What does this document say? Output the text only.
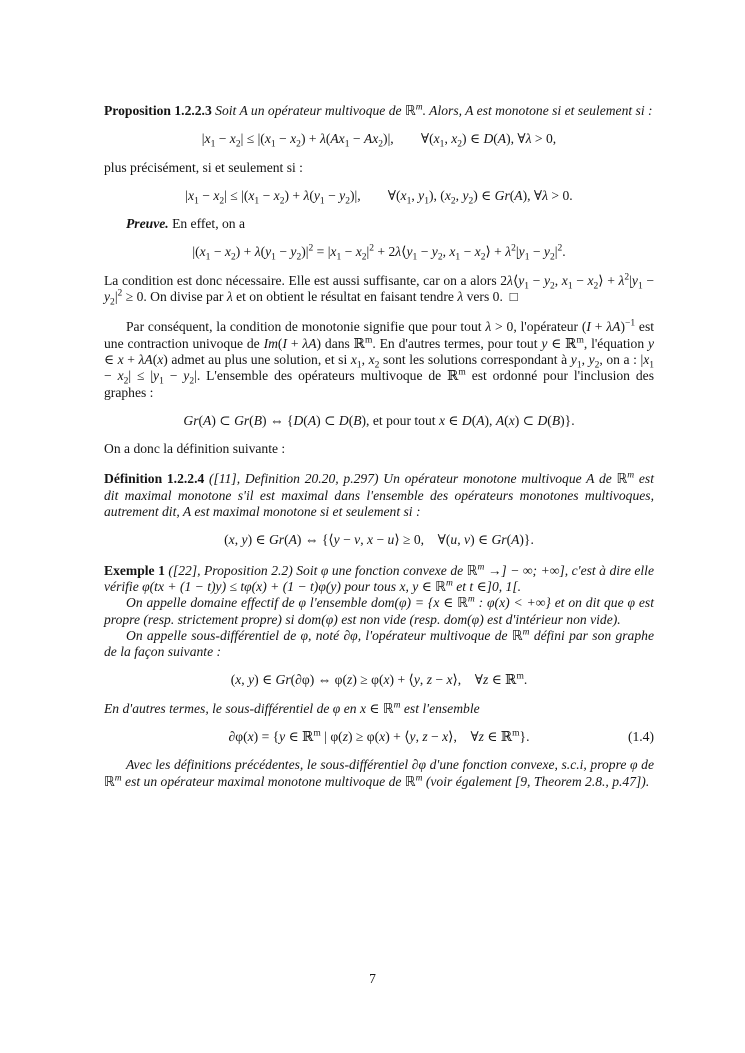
Proposition 1.2.2.3 Soit A un opérateur multivoque de ℝ$^m$. Alors, A est monotone si et seulement si :

$|x_1 - x_2| \le |(x_1 - x_2) + \lambda(Ax_1 - Ax_2)|$,  $\forall(x_1$, $x_2$) ∈ D(A), ∀λ > 0,

plus précisément, si et seulement si :

$|x_1 - x_2| \le |(x_1 - x_2) + \lambda(y_1 - y_2)|$,  $\forall(x_1$, $y_1$), ($x_2$, $y_2$) ∈ Gr(A), ∀λ > 0.

Preuve. En effet, on a

$|(x_1 - x_2) + \lambda(y_1 - y_2)|^2 = |x_1 - x_2|^2$ + $2\lambda⟨y_1 - y_2$, $x_1$ − $x_2⟩ + \lambda^2|y_1 - y_2|^2$.

La condition est donc nécessaire. Elle est aussi suffisante, car on a alors $2\lambda⟨y_1 - y_2$, $x_1$ − $x_2⟩ + \lambda^2|y_1 - y_2|^2 \ge 0$. On divise par λ et on obtient le résultat en faisant tendre λ vers 0. □

Par conséquent, la condition de monotonie signifie que pour tout λ > 0, l'opérateur $(I + \lambda A)^{-1}$ est une contraction univoque de Im(I + λA) dans ℝ$^m$. En d'autres termes, pour tout y ∈ ℝ$^m$, l'équation y ∈ x + λA(x) admet au plus une solution, et si $x_1$, $x_2$ sont les solutions correspondant à $y_1$, $y_2$, on a : $|x_1 - x_2| \le |y_1 - y_2|$. L'ensemble des opérateurs multivoque de ℝ$^m$ est ordonné pour l'inclusion des graphes :

Gr(A) ⊂ Gr(B) ⇔ {D(A) ⊂ D(B), et pour tout x ∈ D(A), A(x) ⊂ D(B)}.

On a donc la définition suivante :

Définition 1.2.2.4 ([11], Definition 20.20, p.297) Un opérateur monotone multivoque A de ℝ$^m$ est dit maximal monotone s'il est maximal dans l'ensemble des opérateurs monotones multivoques, autrement dit, A est maximal monotone si et seulement si :

(x, y) ∈ Gr(A) ⇔ {⟨y − v, x − u⟩ ≥ 0, ∀(u, v) ∈ Gr(A)}.

Exemple 1 ([22], Proposition 2.2) Soit φ une fonction convexe de ℝ$^m$ →] − ∞; +∞], c'est à dire elle vérifie φ(tx + (1 − t)y) ≤ tφ(x) + (1 − t)φ(y) pour tous x, y ∈ ℝ$^m$ et t ∈]0, 1[.

On appelle domaine effectif de φ l'ensemble dom(φ) = {x ∈ ℝ$^m$ : φ(x) < +∞} et on dit que φ est propre (resp. strictement propre) si dom(φ) est non vide (resp. dom(φ) est d'intérieur non vide).

On appelle sous-différentiel de φ, noté ∂φ, l'opérateur multivoque de ℝ$^m$ défini par son graphe de la façon suivante :

(x, y) ∈ Gr(∂φ) ⇔ φ(z) ≥ φ(x) + ⟨y, z − x⟩, ∀z ∈ ℝ$^m$.

En d'autres termes, le sous-différentiel de φ en x ∈ ℝ$^m$ est l'ensemble

∂φ(x) = {y ∈ ℝ$^m$ | φ(z) ≥ φ(x) + ⟨y, z − x⟩, ∀z ∈ ℝ$^m$}.	(1.4)

Avec les définitions précédentes, le sous-différentiel ∂φ d'une fonction convexe, s.c.i, propre φ de ℝ$^m$ est un opérateur maximal monotone multivoque de ℝ$^m$ (voir également [9, Theorem 2.8., p.47]).

7
